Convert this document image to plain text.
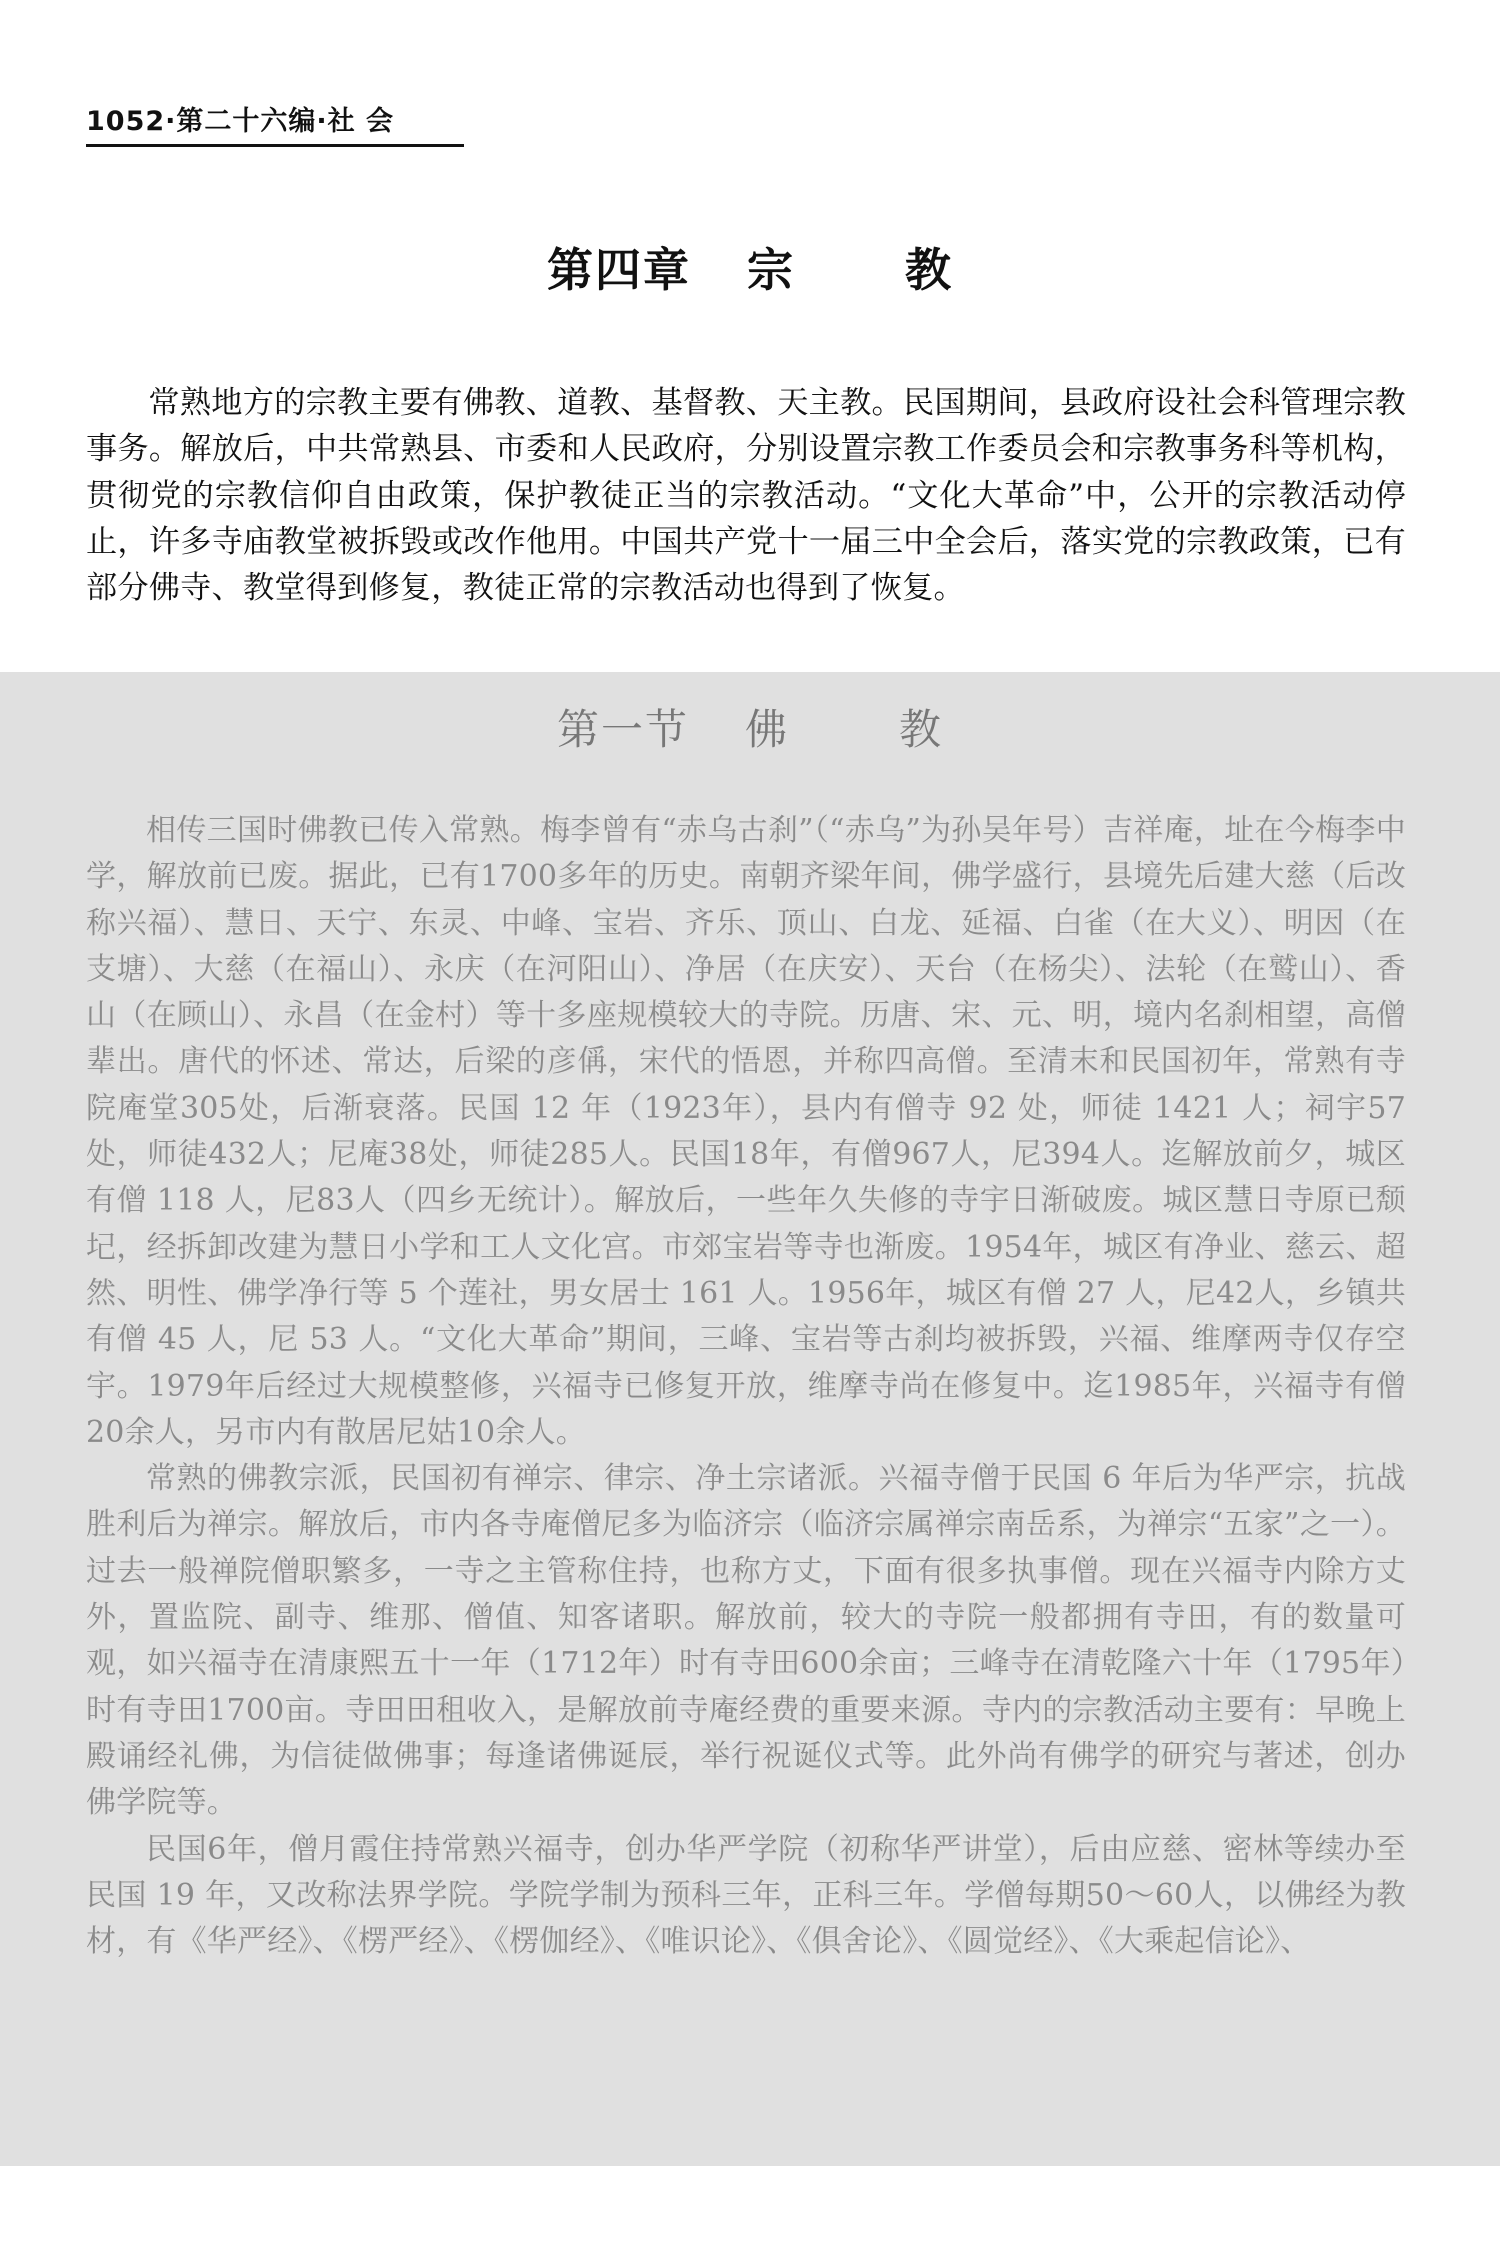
1052·第二十六编·社 会
第四章 宗 教

常熟地方的宗教主要有佛教、道教、基督教、天主教。民国期间，县政府设社会科管理宗教事务。解放后，中共常熟县、市委和人民政府，分别设置宗教工作委员会和宗教事务科等机构，贯彻党的宗教信仰自由政策，保护教徒正当的宗教活动。“文化大革命”中，公开的宗教活动停止，许多寺庙教堂被拆毁或改作他用。中国共产党十一届三中全会后，落实党的宗教政策，已有部分佛寺、教堂得到修复，教徒正常的宗教活动也得到了恢复。

第一节 佛	教

相传三国时佛教已传入常熟。梅李曾有“赤乌古刹”（“赤乌”为孙吴年号）吉祥庵，址在今梅李中学，解放前已废。据此，已有1700多年的历史。南朝齐梁年间，佛学盛行，县境先后建大慈（后改称兴福）、慧日、天宁、东灵、中峰、宝岩、齐乐、顶山、白龙、延福、白雀（在大义）、明因（在支塘）、大慈（在福山）、永庆（在河阳山）、净居（在庆安）、天台（在杨尖）、法轮（在鹫山）、香山（在顾山）、永昌（在金村）等十多座规模较大的寺院。历唐、宋、元、明，境内名刹相望，高僧辈出。唐代的怀述、常达，后梁的彦偁，宋代的悟恩，并称四高僧。至清末和民国初年，常熟有寺院庵堂305处，后渐衰落。民国 12 年（1923年），县内有僧寺 92 处，师徒 1421 人；祠宇57处，师徒432人；尼庵38处，师徒285人。民国18年，有僧967人，尼394人。迄解放前夕，城区有僧 118 人，尼83人（四乡无统计）。解放后，一些年久失修的寺宇日渐破废。城区慧日寺原已颓圮，经拆卸改建为慧日小学和工人文化宫。市郊宝岩等寺也渐废。1954年，城区有净业、慈云、超然、明性、佛学净行等 5 个莲社，男女居士 161 人。1956年，城区有僧 27 人，尼42人，乡镇共有僧 45 人，尼 53 人。“文化大革命”期间，三峰、宝岩等古刹均被拆毁，兴福、维摩两寺仅存空宇。1979年后经过大规模整修，兴福寺已修复开放，维摩寺尚在修复中。迄1985年，兴福寺有僧20余人，另市内有散居尼姑10余人。

常熟的佛教宗派，民国初有禅宗、律宗、净土宗诸派。兴福寺僧于民国 6 年后为华严宗，抗战胜利后为禅宗。解放后，市内各寺庵僧尼多为临济宗（临济宗属禅宗南岳系，为禅宗“五家”之一）。过去一般禅院僧职繁多，一寺之主管称住持，也称方丈，下面有很多执事僧。现在兴福寺内除方丈外，置监院、副寺、维那、僧值、知客诸职。解放前，较大的寺院一般都拥有寺田，有的数量可观，如兴福寺在清康熙五十一年（1712年）时有寺田600余亩；三峰寺在清乾隆六十年（1795年）时有寺田1700亩。寺田田租收入，是解放前寺庵经费的重要来源。寺内的宗教活动主要有：早晚上殿诵经礼佛，为信徒做佛事；每逢诸佛诞辰，举行祝诞仪式等。此外尚有佛学的研究与著述，创办佛学院等。

民国6年，僧月霞住持常熟兴福寺，创办华严学院（初称华严讲堂），后由应慈、密林等续办至民国 19 年，又改称法界学院。学院学制为预科三年，正科三年。学僧每期50～60人，以佛经为教材，有《华严经》、《楞严经》、《楞伽经》、《唯识论》、《俱舍论》、《圆觉经》、《大乘起信论》、
